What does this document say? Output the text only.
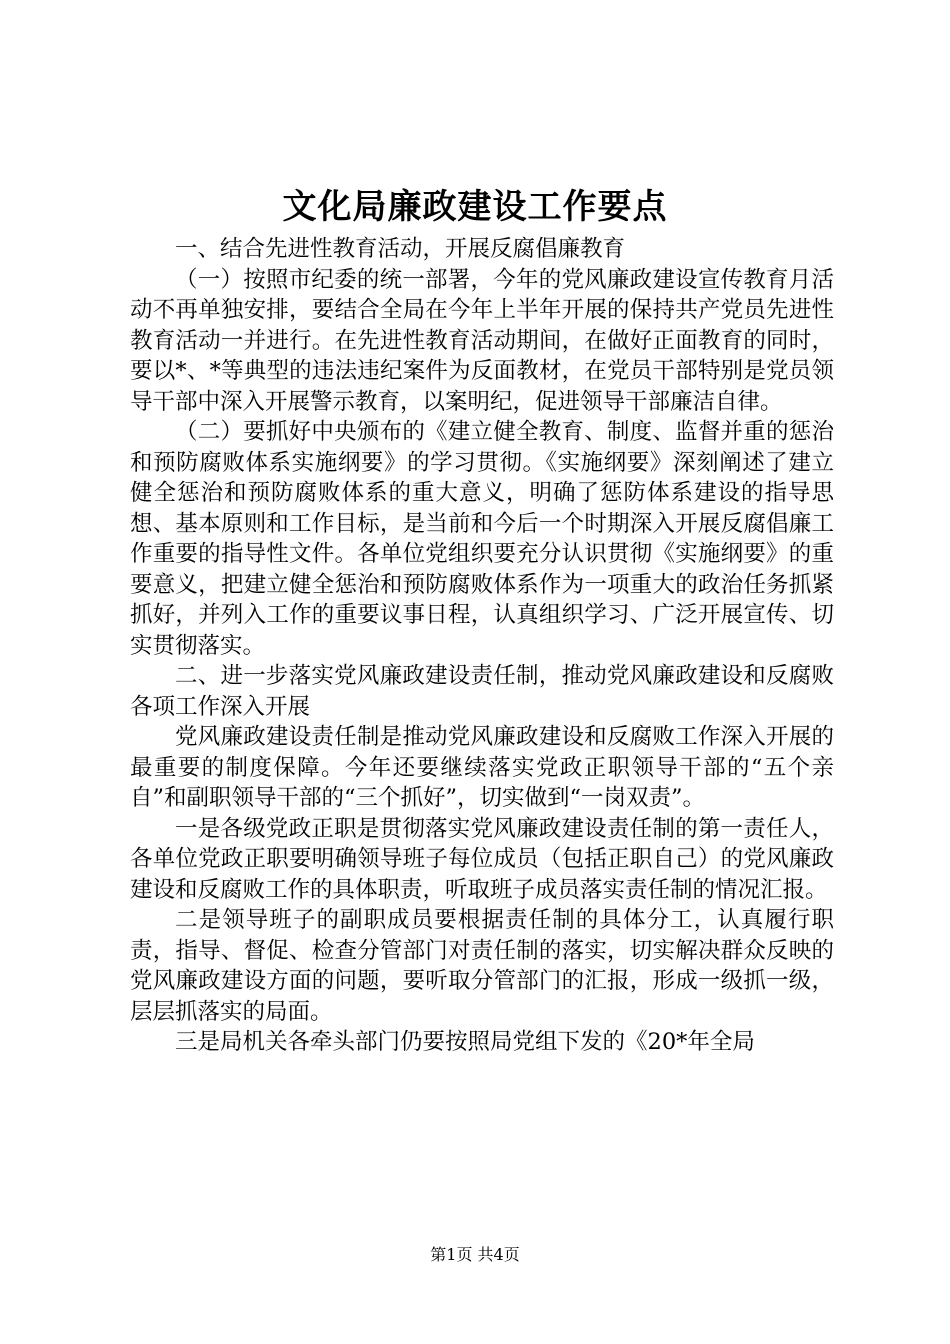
文化局廉政建设工作要点

一、结合先进性教育活动，开展反腐倡廉教育

（一）按照市纪委的统一部署，今年的党风廉政建设宣传教育月活动不再单独安排，要结合全局在今年上半年开展的保持共产党员先进性教育活动一并进行。在先进性教育活动期间，在做好正面教育的同时，要以*、*等典型的违法违纪案件为反面教材，在党员干部特别是党员领导干部中深入开展警示教育，以案明纪，促进领导干部廉洁自律。

（二）要抓好中央颁布的《建立健全教育、制度、监督并重的惩治和预防腐败体系实施纲要》的学习贯彻。《实施纲要》深刻阐述了建立健全惩治和预防腐败体系的重大意义，明确了惩防体系建设的指导思想、基本原则和工作目标，是当前和今后一个时期深入开展反腐倡廉工作重要的指导性文件。各单位党组织要充分认识贯彻《实施纲要》的重要意义，把建立健全惩治和预防腐败体系作为一项重大的政治任务抓紧抓好，并列入工作的重要议事日程，认真组织学习、广泛开展宣传、切实贯彻落实。

二、进一步落实党风廉政建设责任制，推动党风廉政建设和反腐败各项工作深入开展

党风廉政建设责任制是推动党风廉政建设和反腐败工作深入开展的最重要的制度保障。今年还要继续落实党政正职领导干部的“五个亲自”和副职领导干部的“三个抓好”，切实做到“一岗双责”。

一是各级党政正职是贯彻落实党风廉政建设责任制的第一责任人，各单位党政正职要明确领导班子每位成员（包括正职自己）的党风廉政建设和反腐败工作的具体职责，听取班子成员落实责任制的情况汇报。

二是领导班子的副职成员要根据责任制的具体分工，认真履行职责，指导、督促、检查分管部门对责任制的落实，切实解决群众反映的党风廉政建设方面的问题，要听取分管部门的汇报，形成一级抓一级，层层抓落实的局面。

三是局机关各牵头部门仍要按照局党组下发的《20*年全局

第1页 共4页
